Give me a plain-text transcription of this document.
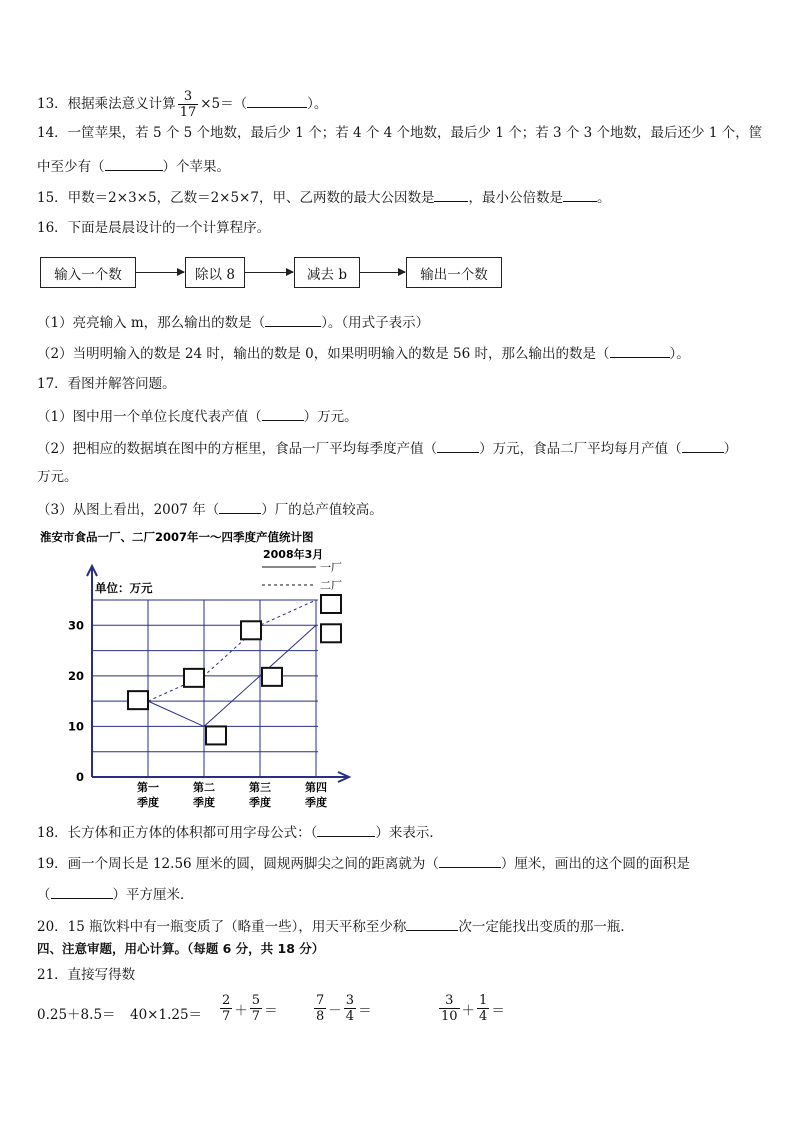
13．根据乘法意义计算 $\frac{3}{17} \times 5=$（	）。
14．一筐苹果，若 5 个 5 个地数，最后少 1 个；若 4 个 4 个地数，最后少 1 个；若 3 个 3 个地数，最后还少 1 个，筐
中至少有（	）个苹果。
15．甲数＝2×3×5，乙数＝2×5×7，甲、乙两数的最大公因数是	，最小公倍数是	。
16．下面是晨晨设计的一个计算程序。
输入一个数	除以 8	减去 b	输出一个数
（1）亮亮输入 m，那么输出的数是（	）。（用式子表示）
（2）当明明输入的数是 24 时，输出的数是 0，如果明明输入的数是 56 时，那么输出的数是（	）。
17．看图并解答问题。
（1）图中用一个单位长度代表产值（	）万元。
（2）把相应的数据填在图中的方框里，食品一厂平均每季度产值（	）万元，食品二厂平均每月产值（	）
万元。
（3）从图上看出，2007 年（	）厂的总产值较高。
淮安市食品一厂、二厂2007年一～四季度产值统计图
2008年3月
单位：万元
0
10
20
30
第一
季度
第二
季度
第三
季度
第四
季度
一厂
二厂
18．长方体和正方体的体积都可用字母公式：（	）来表示．
19．画一个周长是 12.56 厘米的圆，圆规两脚尖之间的距离就为（	）厘米，画出的这个圆的面积是
（	）平方厘米．
20．15 瓶饮料中有一瓶变质了（略重一些），用天平称至少称	次一定能找出变质的那一瓶．
四、注意审题，用心计算。（每题 6 分，共 18 分）
21．直接写得数
$0.25+8.5= 40\times 1.25= \frac{2}{7} + \frac{5}{7}$ ＝	$\frac{7}{8} - \frac{3}{4}$ ＝	$\frac{3}{10} + \frac{1}{4}$ ＝
